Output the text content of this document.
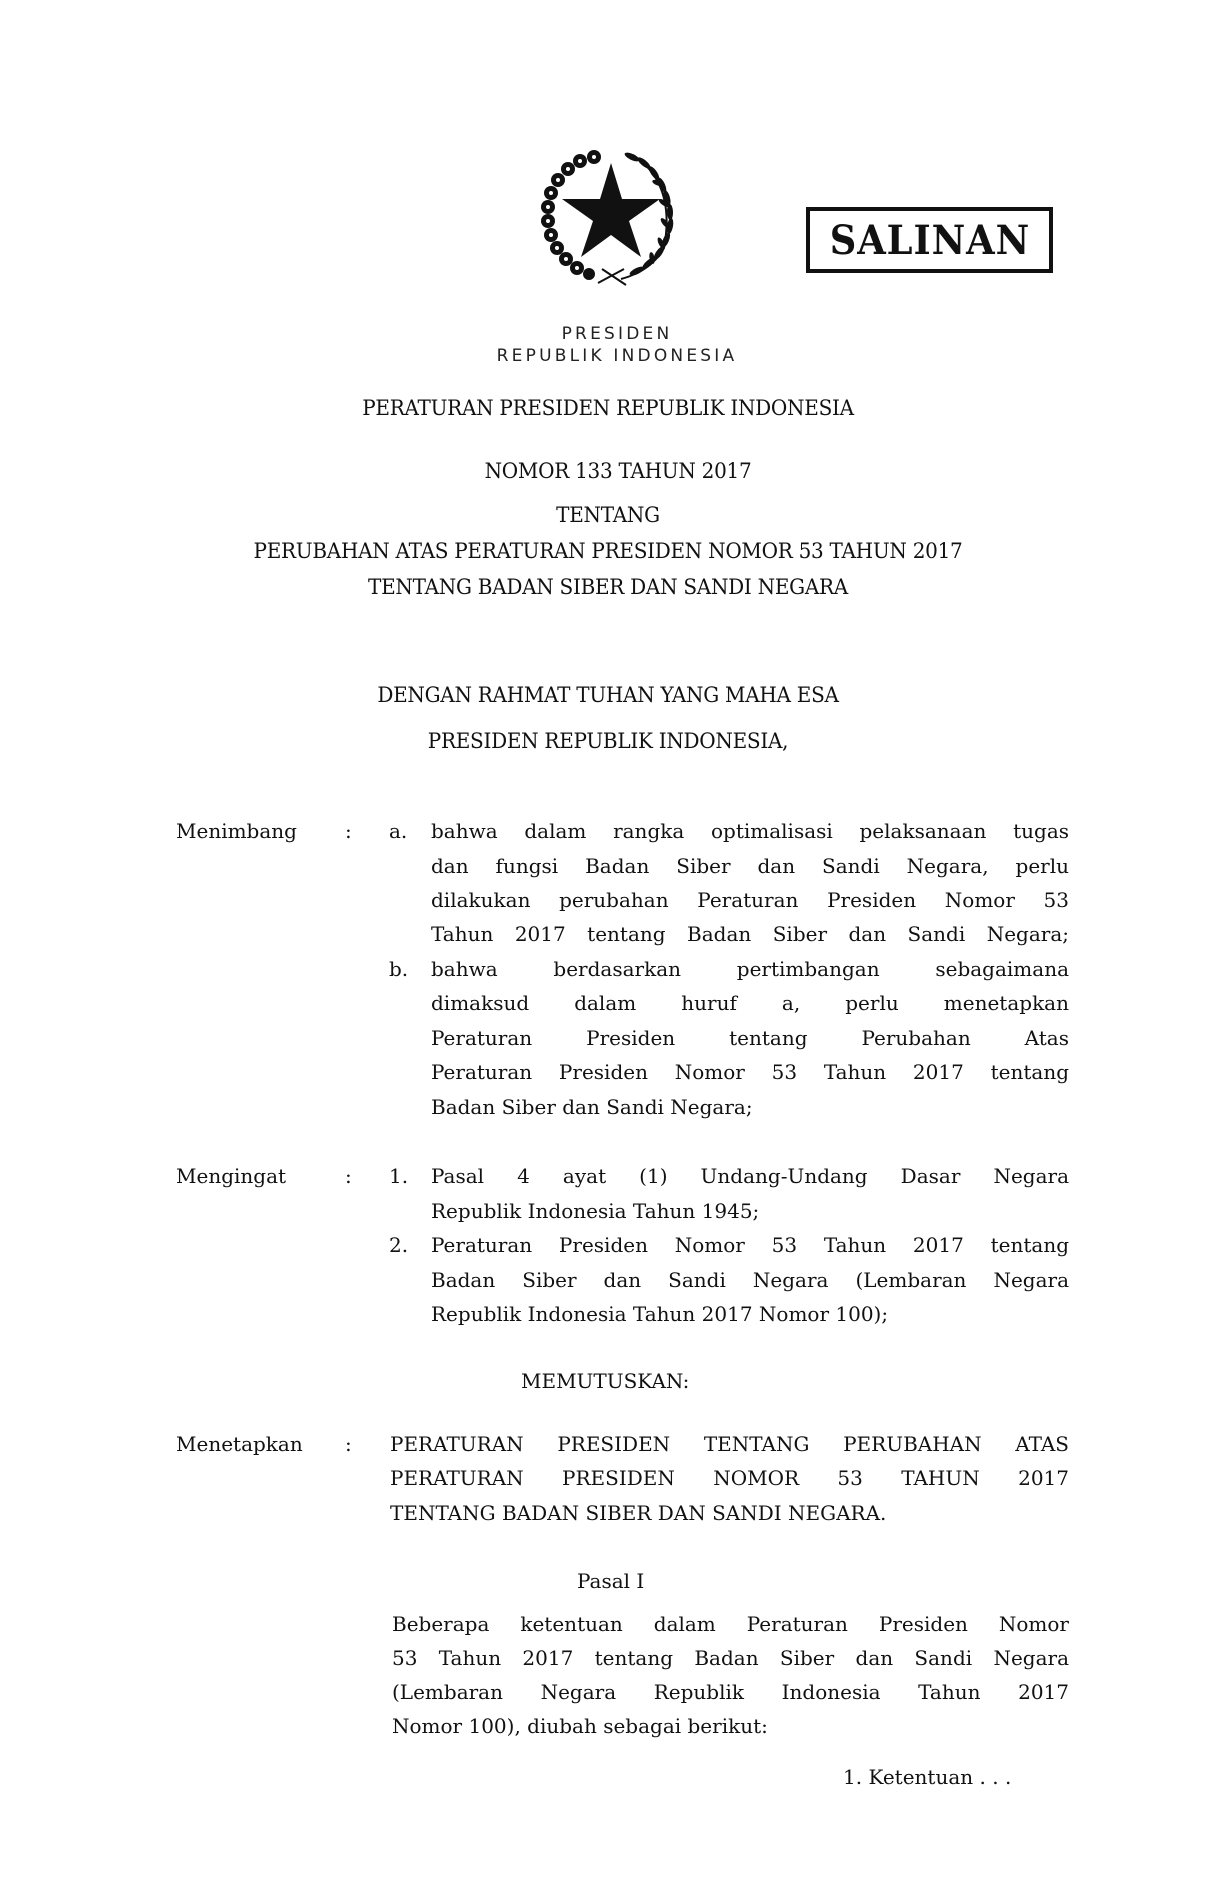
SALINAN
PRESIDEN
REPUBLIK INDONESIA
PERATURAN PRESIDEN REPUBLIK INDONESIA
NOMOR 133 TAHUN 2017
TENTANG
PERUBAHAN ATAS PERATURAN PRESIDEN NOMOR 53 TAHUN 2017
TENTANG BADAN SIBER DAN SANDI NEGARA
DENGAN RAHMAT TUHAN YANG MAHA ESA
PRESIDEN REPUBLIK INDONESIA,
Menimbang : a. bahwa dalam rangka optimalisasi pelaksanaan tugas
dan fungsi Badan Siber dan Sandi Negara, perlu
dilakukan perubahan Peraturan Presiden Nomor 53
Tahun 2017 tentang Badan Siber dan Sandi Negara;
b. bahwa berdasarkan pertimbangan sebagaimana
dimaksud dalam huruf a, perlu menetapkan
Peraturan Presiden tentang Perubahan Atas
Peraturan Presiden Nomor 53 Tahun 2017 tentang
Badan Siber dan Sandi Negara;
Mengingat	: 1. Pasal 4 ayat (1) Undang-Undang Dasar Negara
Republik Indonesia Tahun 1945;
2. Peraturan Presiden Nomor 53 Tahun 2017 tentang
Badan Siber dan Sandi Negara (Lembaran Negara
Republik Indonesia Tahun 2017 Nomor 100);
MEMUTUSKAN:
Menetapkan : PERATURAN PRESIDEN TENTANG PERUBAHAN ATAS
PERATURAN PRESIDEN NOMOR 53 TAHUN 2017
TENTANG BADAN SIBER DAN SANDI NEGARA.
Pasal I
Beberapa ketentuan dalam Peraturan Presiden Nomor
53 Tahun 2017 tentang Badan Siber dan Sandi Negara
(Lembaran Negara Republik Indonesia Tahun 2017
Nomor 100), diubah sebagai berikut:
1. Ketentuan . . .
